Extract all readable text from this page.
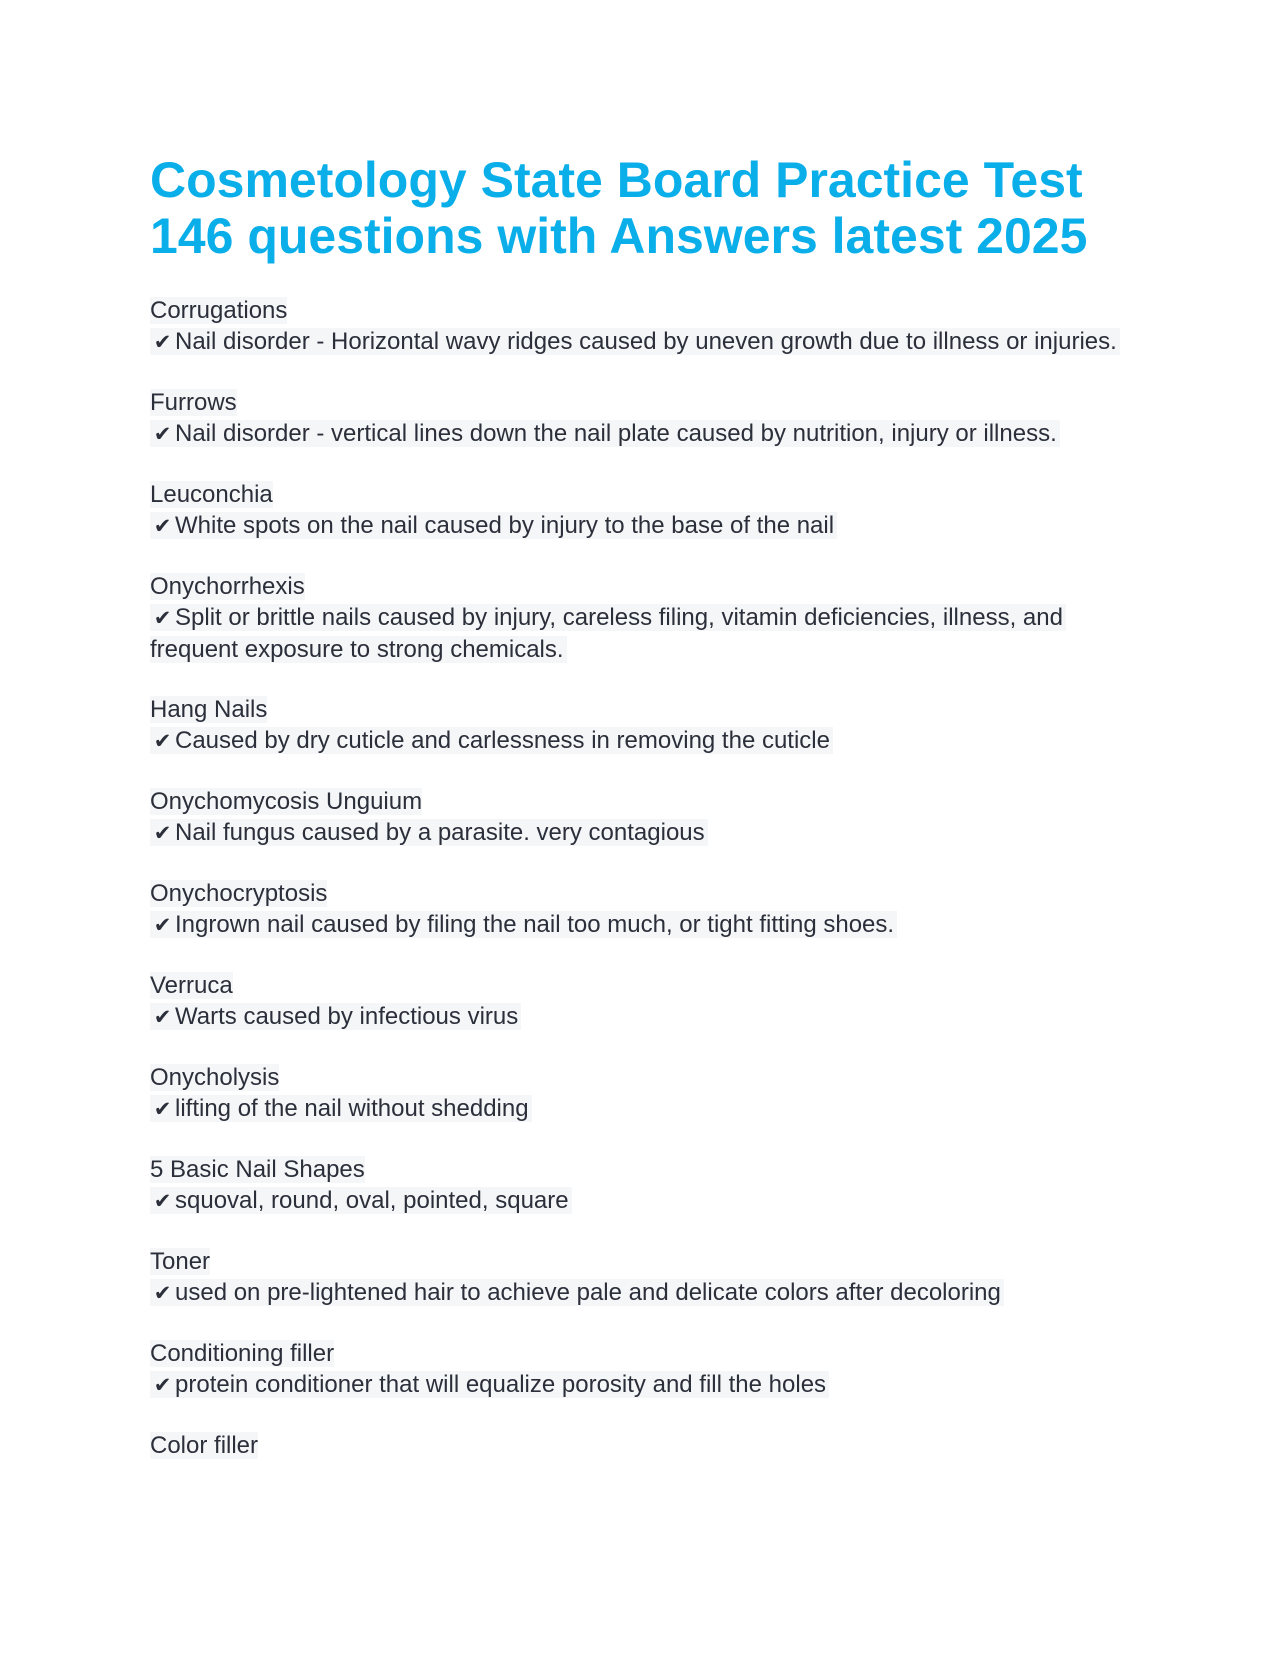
Cosmetology State Board Practice Test
146 questions with Answers latest 2025
Corrugations
✔ Nail disorder - Horizontal wavy ridges caused by uneven growth due to illness or injuries.
Furrows
✔ Nail disorder - vertical lines down the nail plate caused by nutrition, injury or illness.
Leuconchia
✔ White spots on the nail caused by injury to the base of the nail
Onychorrhexis
✔ Split or brittle nails caused by injury, careless filing, vitamin deficiencies, illness, and frequent exposure to strong chemicals.
Hang Nails
✔ Caused by dry cuticle and carlessness in removing the cuticle
Onychomycosis Unguium
✔ Nail fungus caused by a parasite. very contagious
Onychocryptosis
✔ Ingrown nail caused by filing the nail too much, or tight fitting shoes.
Verruca
✔ Warts caused by infectious virus
Onycholysis
✔ lifting of the nail without shedding
5 Basic Nail Shapes
✔ squoval, round, oval, pointed, square
Toner
✔ used on pre-lightened hair to achieve pale and delicate colors after decoloring
Conditioning filler
✔ protein conditioner that will equalize porosity and fill the holes
Color filler
